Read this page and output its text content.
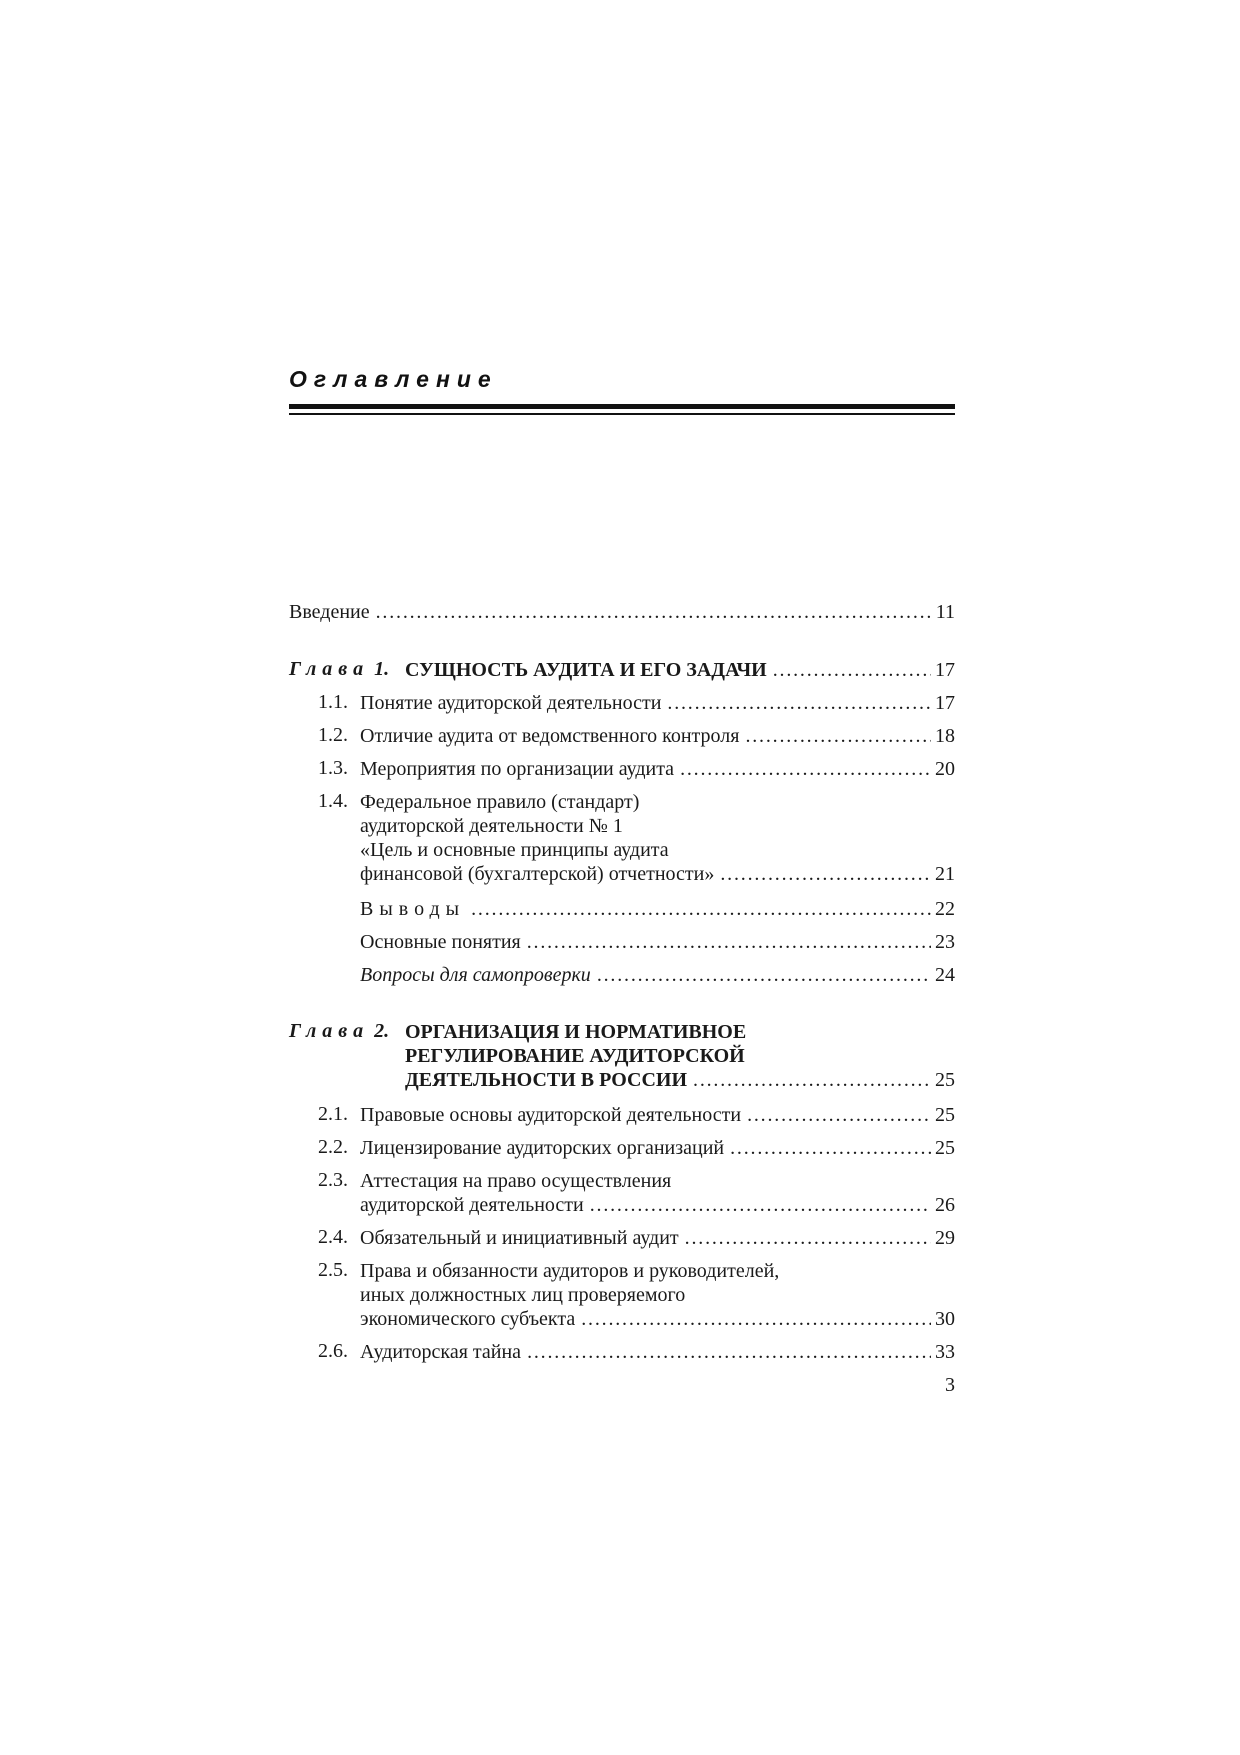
Оглавление
Введение . . .	11
Глава 1. СУЩНОСТЬ АУДИТА И ЕГО ЗАДАЧИ . . .	17
1.1. Понятие аудиторской деятельности . . .	17
1.2. Отличие аудита от ведомственного контроля . . .	18
1.3. Мероприятия по организации аудита . . .	20
1.4. Федеральное правило (стандарт)
аудиторской деятельности № 1
«Цель и основные принципы аудита
финансовой (бухгалтерской) отчетности» . . .	21
Выводы . . .	22
Основные понятия . . .	23
Вопросы для самопроверки . . .	24
Глава 2. ОРГАНИЗАЦИЯ И НОРМАТИВНОЕ
РЕГУЛИРОВАНИЕ АУДИТОРСКОЙ
ДЕЯТЕЛЬНОСТИ В РОССИИ . . .	25
2.1. Правовые основы аудиторской деятельности . . .	25
2.2. Лицензирование аудиторских организаций . . .	25
2.3. Аттестация на право осуществления
аудиторской деятельности . . .	26
2.4. Обязательный и инициативный аудит . . .	29
2.5. Права и обязанности аудиторов и руководителей,
иных должностных лиц проверяемого
экономического субъекта . . .	30
2.6. Аудиторская тайна . . .	33
3
